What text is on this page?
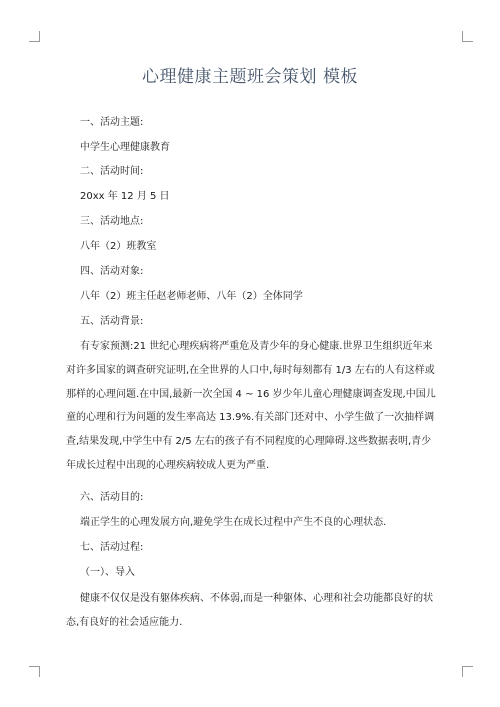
心理健康主题班会策划 模板
一、活动主题:
中学生心理健康教育
二、活动时间:
20xx 年 12 月 5 日
三、活动地点:
八年（2）班教室
四、活动对象:
八年（2）班主任赵老师老师、八年（2）全体同学
五、活动背景:

有专家预测:21 世纪心理疾病将严重危及青少年的身心健康.世界卫生组织近年来对许多国家的调查研究证明,在全世界的人口中,每时每刻都有 1/3 左右的人有这样或那样的心理问题.在中国,最新一次全国 4 ~ 16 岁少年儿童心理健康调查发现,中国儿童的心理和行为问题的发生率高达 13.9%.有关部门还对中、小学生做了一次抽样调查,结果发现,中学生中有 2/5 左右的孩子有不同程度的心理障碍.这些数据表明,青少年成长过程中出现的心理疾病较成人更为严重.

六、活动目的:
端正学生的心理发展方向,避免学生在成长过程中产生不良的心理状态.
七、活动过程:
（一）、导入

健康不仅仅是没有躯体疾病、不体弱,而是一种躯体、心理和社会功能都良好的状态,有良好的社会适应能力.
